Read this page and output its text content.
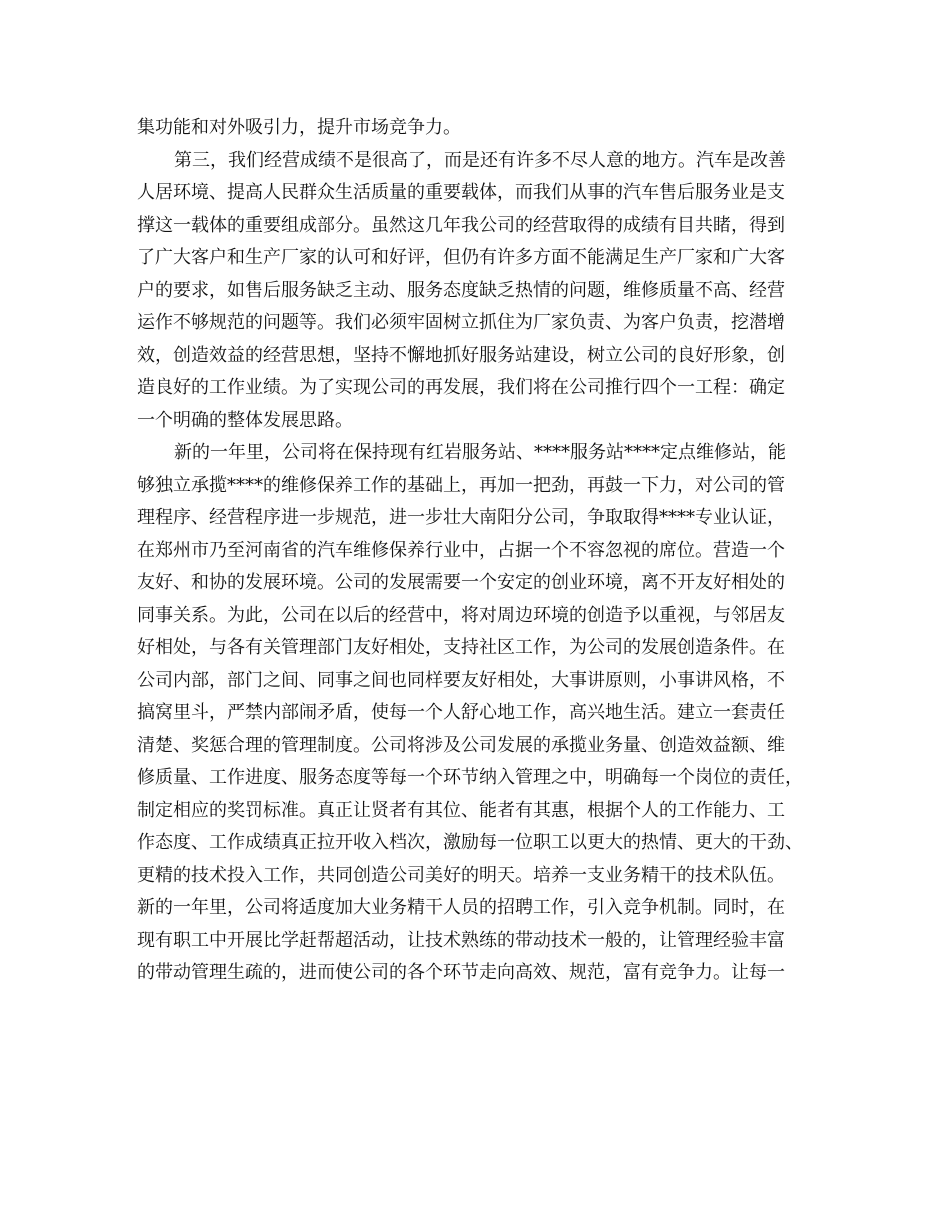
集功能和对外吸引力，提升市场竞争力。
第三，我们经营成绩不是很高了，而是还有许多不尽人意的地方。汽车是改善
人居环境、提高人民群众生活质量的重要载体，而我们从事的汽车售后服务业是支
撑这一载体的重要组成部分。虽然这几年我公司的经营取得的成绩有目共睹，得到
了广大客户和生产厂家的认可和好评，但仍有许多方面不能满足生产厂家和广大客
户的要求，如售后服务缺乏主动、服务态度缺乏热情的问题，维修质量不高、经营
运作不够规范的问题等。我们必须牢固树立抓住为厂家负责、为客户负责，挖潜增
效，创造效益的经营思想，坚持不懈地抓好服务站建设，树立公司的良好形象，创
造良好的工作业绩。为了实现公司的再发展，我们将在公司推行四个一工程：确定
一个明确的整体发展思路。
新的一年里，公司将在保持现有红岩服务站、****服务站****定点维修站，能
够独立承揽****的维修保养工作的基础上，再加一把劲，再鼓一下力，对公司的管
理程序、经营程序进一步规范，进一步壮大南阳分公司，争取取得****专业认证，
在郑州市乃至河南省的汽车维修保养行业中，占据一个不容忽视的席位。营造一个
友好、和协的发展环境。公司的发展需要一个安定的创业环境，离不开友好相处的
同事关系。为此，公司在以后的经营中，将对周边环境的创造予以重视，与邻居友
好相处，与各有关管理部门友好相处，支持社区工作，为公司的发展创造条件。在
公司内部，部门之间、同事之间也同样要友好相处，大事讲原则，小事讲风格，不
搞窝里斗，严禁内部闹矛盾，使每一个人舒心地工作，高兴地生活。建立一套责任
清楚、奖惩合理的管理制度。公司将涉及公司发展的承揽业务量、创造效益额、维
修质量、工作进度、服务态度等每一个环节纳入管理之中，明确每一个岗位的责任，
制定相应的奖罚标准。真正让贤者有其位、能者有其惠，根据个人的工作能力、工
作态度、工作成绩真正拉开收入档次，激励每一位职工以更大的热情、更大的干劲、
更精的技术投入工作，共同创造公司美好的明天。培养一支业务精干的技术队伍。
新的一年里，公司将适度加大业务精干人员的招聘工作，引入竞争机制。同时，在
现有职工中开展比学赶帮超活动，让技术熟练的带动技术一般的，让管理经验丰富
的带动管理生疏的，进而使公司的各个环节走向高效、规范，富有竞争力。让每一
